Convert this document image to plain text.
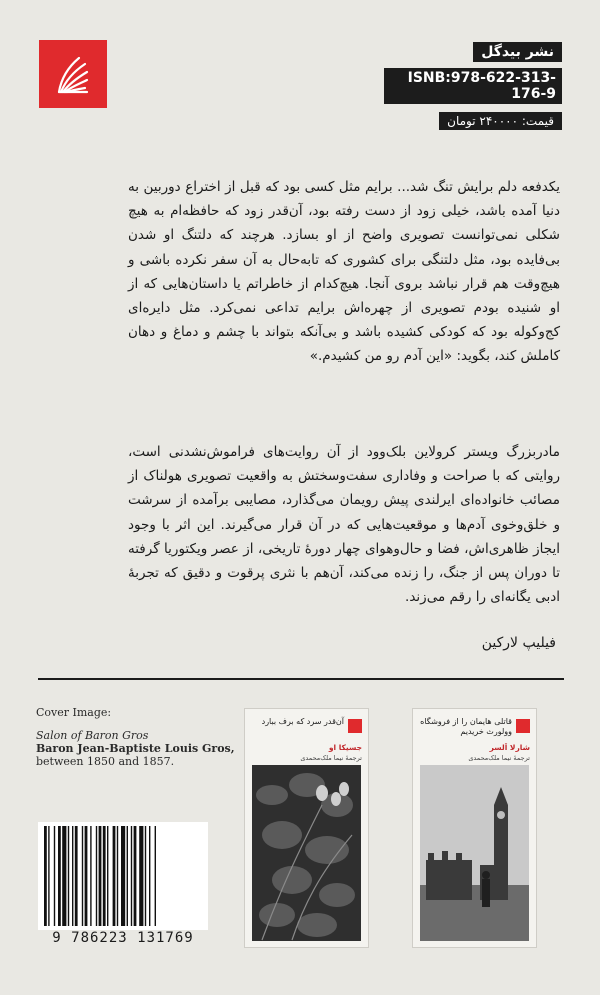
نشر بیدگل
ISNB:978-622-313-176-9
قیمت: ۲۴۰۰۰۰ تومان
یکدفعه دلم برایش تنگ شد... برایم مثل کسی بود که قبل از اختراع دوربین به دنیا آمده باشد، خیلی زود از دست رفته بود، آن‌قدر زود که حافظه‌ام به هیچ شکلی نمی‌توانست تصویری واضح از او بسازد. هرچند که دلتنگ او شدن بی‌فایده بود، مثل دلتنگی برای کشوری که تابه‌حال به آن سفر نکرده باشی و هیچ‌وقت هم قرار نباشد بروی آنجا. هیچ‌کدام از خاطراتم یا داستان‌هایی که از او شنیده بودم تصویری از چهره‌اش برایم تداعی نمی‌کرد. مثل دایره‌ای کج‌وکوله بود که کودکی کشیده باشد و بی‌آنکه بتواند با چشم و دماغ و دهان کاملش کند، بگوید: «این آدم رو من کشیدم.»
مادربزرگ ویستر کرولاین بلک‌وود از آن روایت‌های فراموش‌نشدنی است، روایتی که با صراحت و وفاداری سفت‌وسختش به واقعیت تصویری هولناک از مصائب خانواده‌ای ایرلندی پیش رویمان می‌گذارد، مصایبی برآمده از سرشت و خلق‌وخوی آدم‌ها و موقعیت‌هایی که در آن قرار می‌گیرند. این اثر با وجود ایجاز ظاهری‌اش، فضا و حال‌وهوای چهار دورهٔ تاریخی، از عصر ویکتوریا گرفته تا دوران پس از جنگ، را زنده می‌کند، آن‌هم با نثری پرقوت و دقیق که تجربهٔ ادبی یگانه‌ای را رقم می‌زند.
فیلیپ لارکین
Cover Image:
Salon of Baron Gros
Baron Jean-Baptiste Louis Gros,
between 1850 and 1857.
9 786223 131769
آن‌قدر سرد که برف ببارد
جسیکا او
ترجمهٔ نیما ملک‌محمدی
قاتلی هایمان را از فروشگاه وولورث خریدیم
شارلا اَلسر
ترجمهٔ نیما ملک‌محمدی
